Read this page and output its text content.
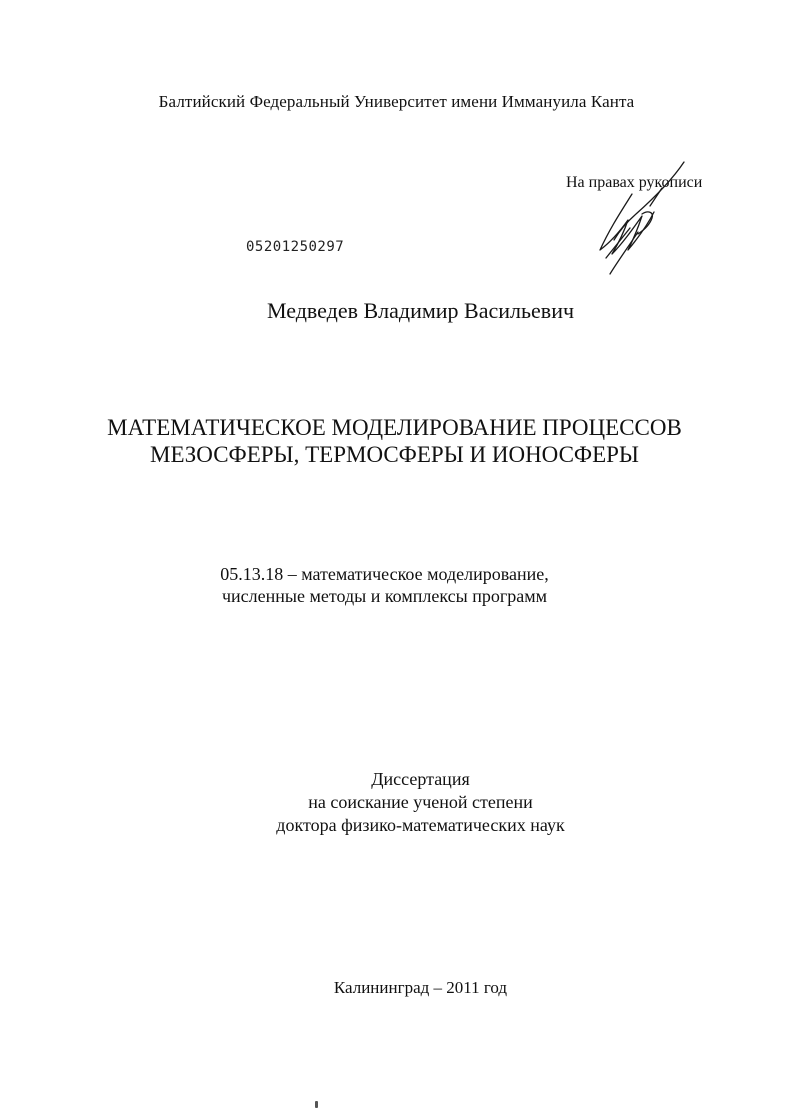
Балтийский Федеральный Университет имени Иммануила Канта
На правах рукописи
05201250297
Медведев Владимир Васильевич
МАТЕМАТИЧЕСКОЕ МОДЕЛИРОВАНИЕ ПРОЦЕССОВ
МЕЗОСФЕРЫ, ТЕРМОСФЕРЫ И ИОНОСФЕРЫ
05.13.18 – математическое моделирование,
численные методы и комплексы программ
Диссертация
на соискание ученой степени
доктора физико-математических наук
Калининград – 2011 год
